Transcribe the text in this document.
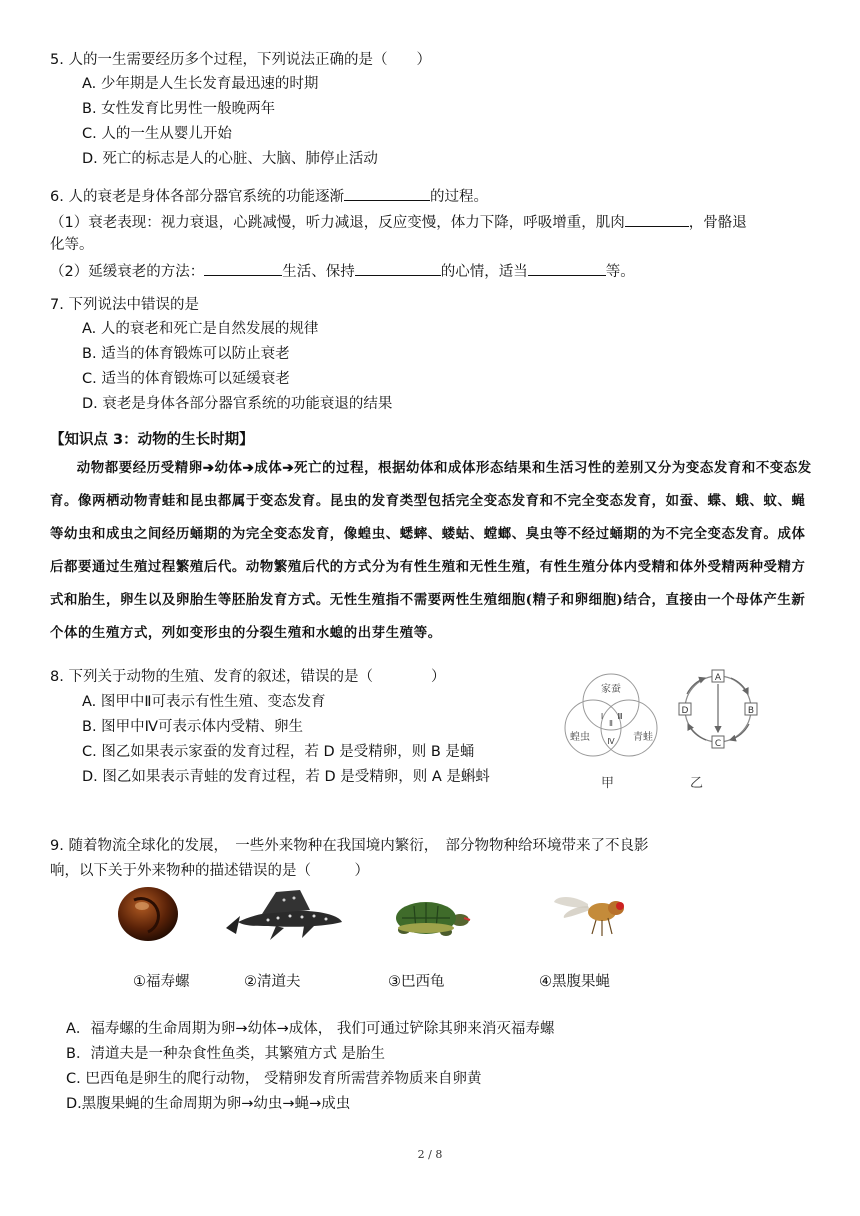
5. 人的一生需要经历多个过程，下列说法正确的是（　　）
A. 少年期是人生长发育最迅速的时期
B. 女性发育比男性一般晚两年
C. 人的一生从婴儿开始
D. 死亡的标志是人的心脏、大脑、肺停止活动
6. 人的衰老是身体各部分器官系统的功能逐渐	的过程。
（1）衰老表现：视力衰退，心跳减慢，听力减退，反应变慢，体力下降，呼吸增重，肌肉	，骨骼退
化等。
（2）延缓衰老的方法：	生活、保持	的心情，适当	等。
7. 下列说法中错误的是
A. 人的衰老和死亡是自然发展的规律
B. 适当的体育锻炼可以防止衰老
C. 适当的体育锻炼可以延缓衰老
D. 衰老是身体各部分器官系统的功能衰退的结果
【知识点 3：动物的生长时期】
动物都要经历受精卵➔幼体➔成体➔死亡的过程，根据幼体和成体形态结果和生活习性的差别又分为变态发育和不变态发育。像两栖动物青蛙和昆虫都属于变态发育。昆虫的发育类型包括完全变态发育和不完全变态发育，如蚕、蝶、蛾、蚊、蝇等幼虫和成虫之间经历蛹期的为完全变态发育，像蝗虫、蟋蟀、蝼蛄、螳螂、臭虫等不经过蛹期的为不完全变态发育。成体后都要通过生殖过程繁殖后代。动物繁殖后代的方式分为有性生殖和无性生殖，有性生殖分体内受精和体外受精两种受精方式和胎生，卵生以及卵胎生等胚胎发育方式。无性生殖指不需要两性生殖细胞(精子和卵细胞)结合，直接由一个母体产生新个体的生殖方式，列如变形虫的分裂生殖和水螅的出芽生殖等。
8. 下列关于动物的生殖、发育的叙述，错误的是（　　　　）
A. 图甲中Ⅱ可表示有性生殖、变态发育
B. 图甲中Ⅳ可表示体内受精、卵生
C. 图乙如果表示家蚕的发育过程，若 D 是受精卵，则 B 是蛹
D. 图乙如果表示青蛙的发育过程，若 D 是受精卵，则 A 是蝌蚪
家蚕
蝗虫	青蛙
Ⅰ
Ⅱ
Ⅲ
Ⅳ
甲
A
B
C
D
乙
9. 随着物流全球化的发展，　一些外来物种在我国境内繁衍，　部分物物种给环境带来了不良影
响，以下关于外来物种的描述错误的是（　　　）
①福寿螺	②清道夫	③巴西龟	④黑腹果蝇
A．福寿螺的生命周期为卵→幼体→成体， 我们可通过铲除其卵来消灭福寿螺
B．清道夫是一种杂食性鱼类，其繁殖方式 是胎生
C. 巴西龟是卵生的爬行动物， 受精卵发育所需营养物质来自卵黄
D.黑腹果蝇的生命周期为卵→幼虫→蝇→成虫
2 / 8
